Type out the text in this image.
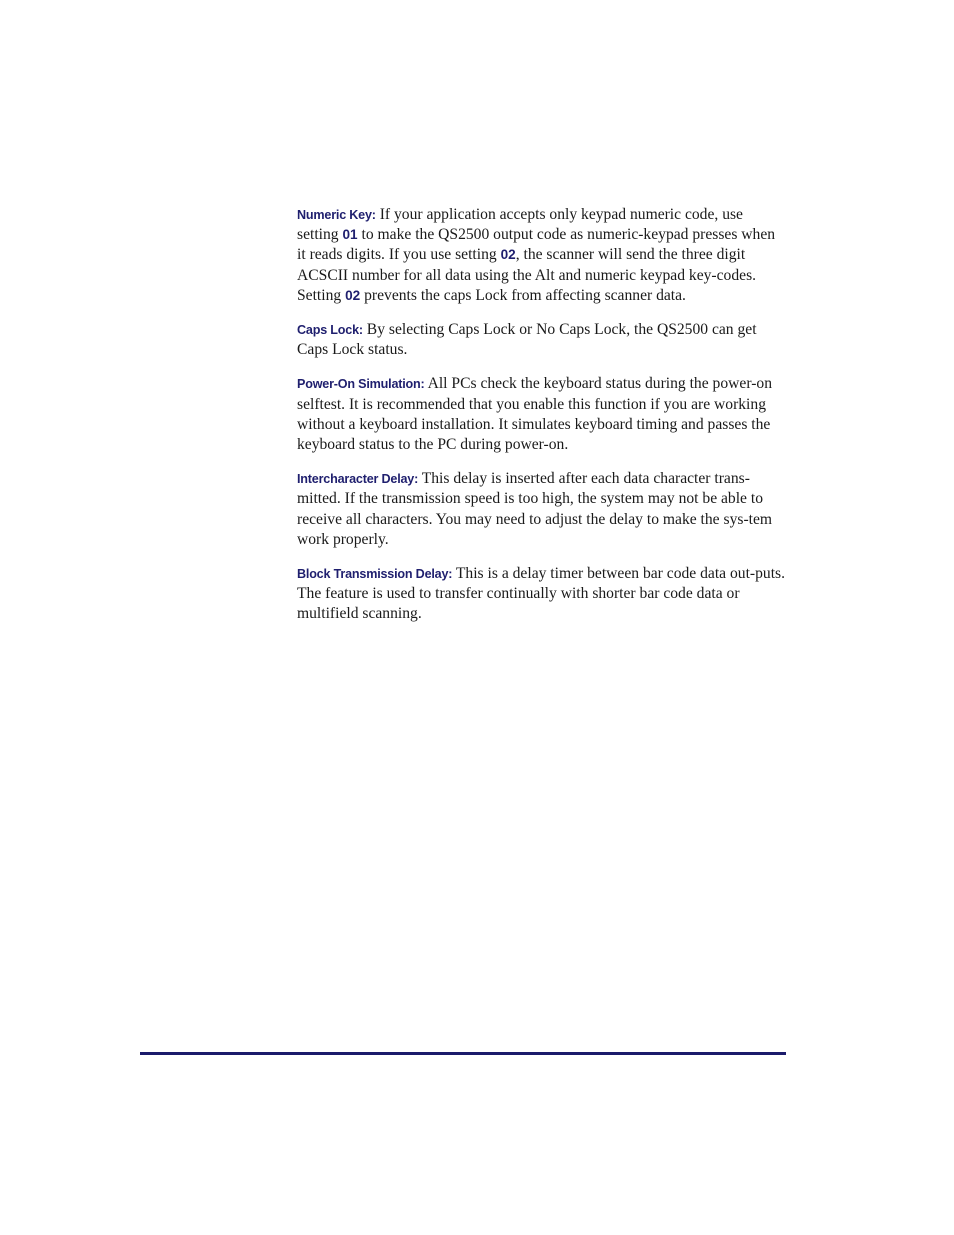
Numeric Key: If your application accepts only keypad numeric code, use setting 01 to make the QS2500 output code as numeric-keypad presses when it reads digits. If you use setting 02, the scanner will send the three digit ACSCII number for all data using the Alt and numeric keypad key-codes. Setting 02 prevents the caps Lock from affecting scanner data.

Caps Lock: By selecting Caps Lock or No Caps Lock, the QS2500 can get Caps Lock status.

Power-On Simulation: All PCs check the keyboard status during the power-on selftest. It is recommended that you enable this function if you are working without a keyboard installation. It simulates keyboard timing and passes the keyboard status to the PC during power-on.

Intercharacter Delay: This delay is inserted after each data character trans-mitted. If the transmission speed is too high, the system may not be able to receive all characters. You may need to adjust the delay to make the sys-tem work properly.

Block Transmission Delay: This is a delay timer between bar code data out-puts. The feature is used to transfer continually with shorter bar code data or multifield scanning.
